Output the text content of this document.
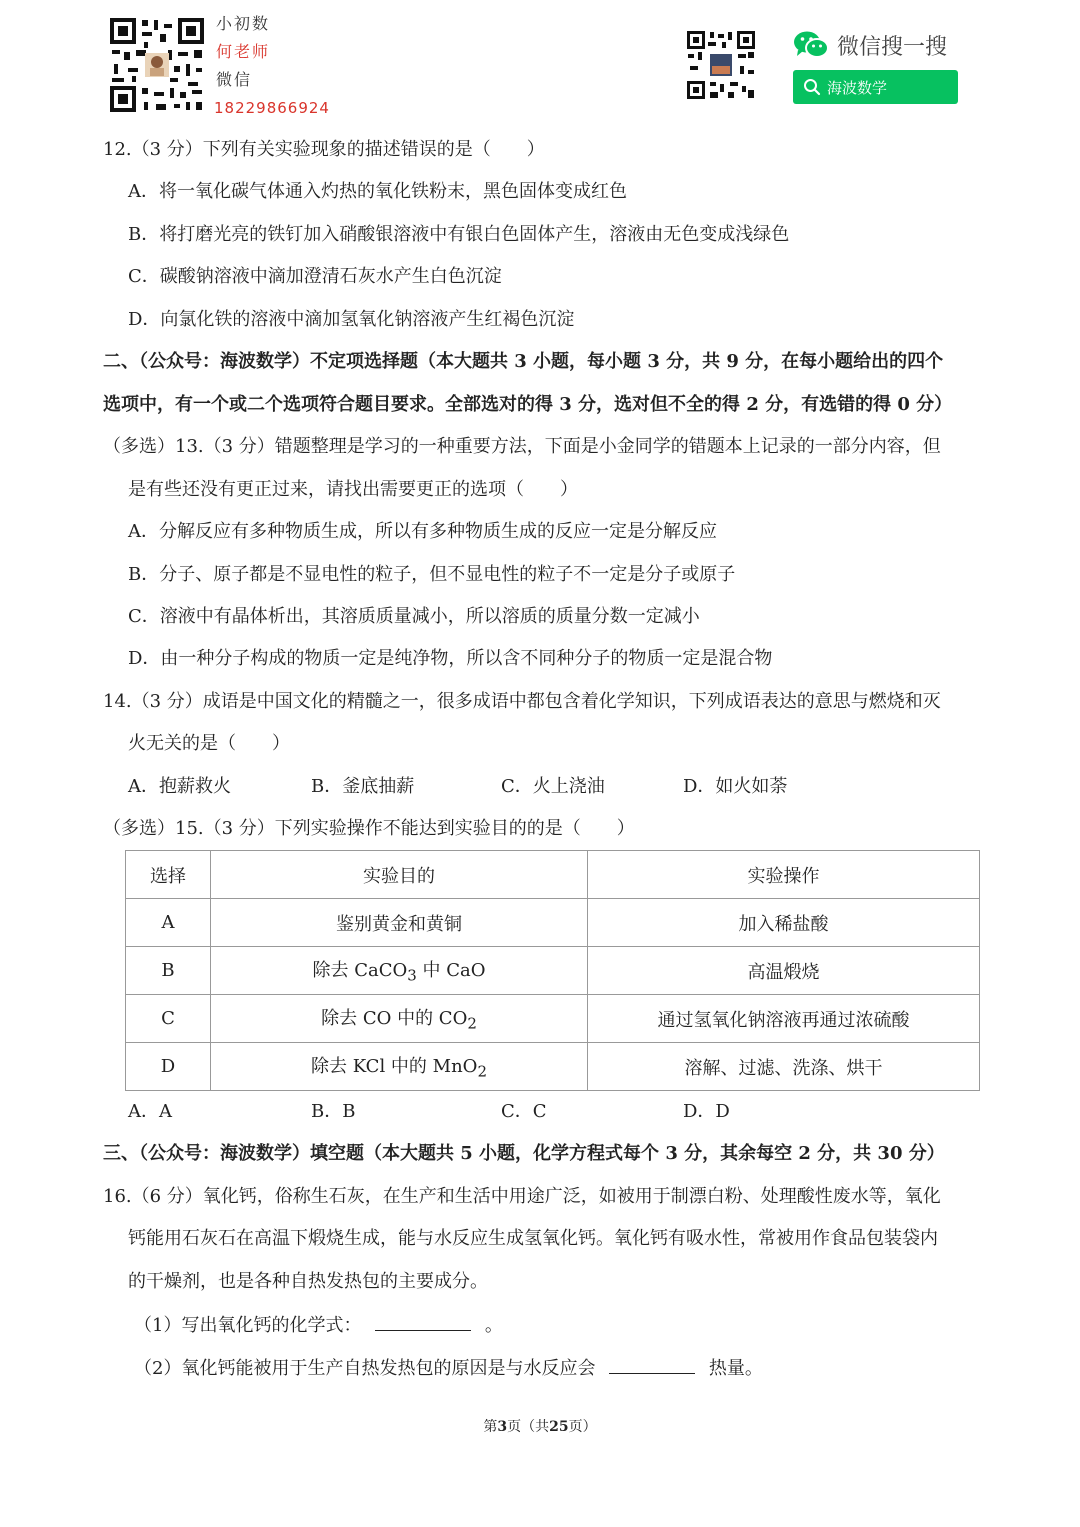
小初数
何老师
微信
18229866924
微信搜一搜
海波数学
12.（3 分）下列有关实验现象的描述错误的是（　　）
A．将一氧化碳气体通入灼热的氧化铁粉末，黑色固体变成红色
B．将打磨光亮的铁钉加入硝酸银溶液中有银白色固体产生，溶液由无色变成浅绿色
C．碳酸钠溶液中滴加澄清石灰水产生白色沉淀
D．向氯化铁的溶液中滴加氢氧化钠溶液产生红褐色沉淀
二、（公众号：海波数学）不定项选择题（本大题共 3 小题，每小题 3 分，共 9 分，在每小题给出的四个
选项中，有一个或二个选项符合题目要求。全部选对的得 3 分，选对但不全的得 2 分，有选错的得 0 分）
（多选）13.（3 分）错题整理是学习的一种重要方法，下面是小金同学的错题本上记录的一部分内容，但
是有些还没有更正过来，请找出需要更正的选项（　　）
A．分解反应有多种物质生成，所以有多种物质生成的反应一定是分解反应
B．分子、原子都是不显电性的粒子，但不显电性的粒子不一定是分子或原子
C．溶液中有晶体析出，其溶质质量减小，所以溶质的质量分数一定减小
D．由一种分子构成的物质一定是纯净物，所以含不同种分子的物质一定是混合物
14.（3 分）成语是中国文化的精髓之一，很多成语中都包含着化学知识，下列成语表达的意思与燃烧和灭
火无关的是（　　）
A．抱薪救火	B．釜底抽薪	C．火上浇油	D．如火如荼
（多选）15.（3 分）下列实验操作不能达到实验目的的是（　　）
选择	实验目的	实验操作
A	鉴别黄金和黄铜	加入稀盐酸
B	除去 CaCO$_3$ 中 CaO	高温煅烧
C	除去 CO 中的 $CO_2$	通过氢氧化钠溶液再通过浓硫酸
D	除去 KCl 中的 MnO$_2$	溶解、过滤、洗涤、烘干
A．A	B．B	C．C	D．D
三、（公众号：海波数学）填空题（本大题共 5 小题，化学方程式每个 3 分，其余每空 2 分，共 30 分）
16.（6 分）氧化钙，俗称生石灰，在生产和生活中用途广泛，如被用于制漂白粉、处理酸性废水等，氧化
钙能用石灰石在高温下煅烧生成，能与水反应生成氢氧化钙。氧化钙有吸水性，常被用作食品包装袋内
的干燥剂，也是各种自热发热包的主要成分。
（1）写出氧化钙的化学式：	。
（2）氧化钙能被用于生产自热发热包的原因是与水反应会	热量。
第3页（共25页）
